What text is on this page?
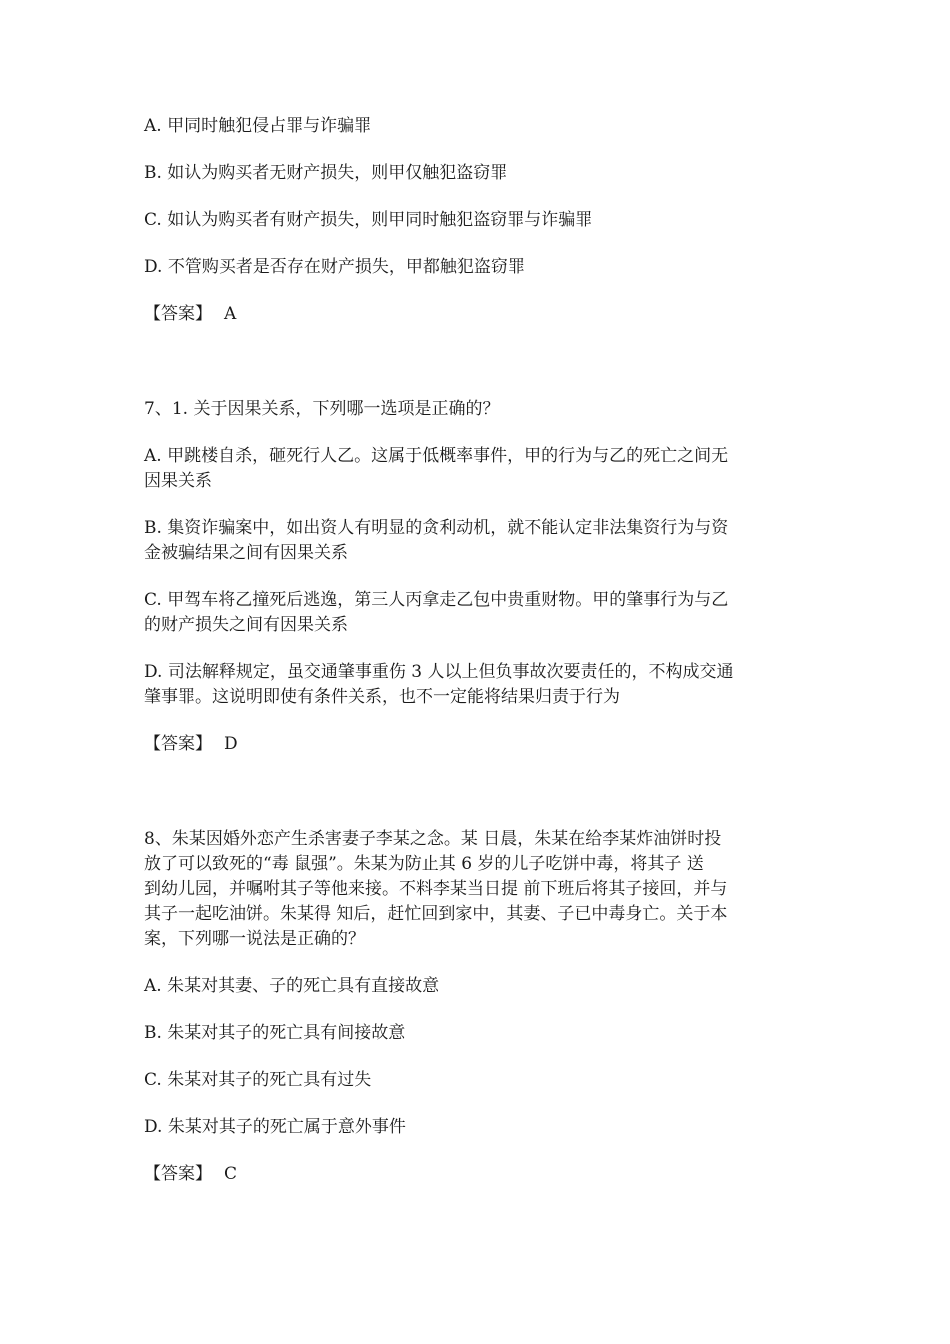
A. 甲同时触犯侵占罪与诈骗罪
B. 如认为购买者无财产损失，则甲仅触犯盗窃罪
C. 如认为购买者有财产损失，则甲同时触犯盗窃罪与诈骗罪
D. 不管购买者是否存在财产损失，甲都触犯盗窃罪
【答案】 A
7、1. 关于因果关系，下列哪一选项是正确的？
A. 甲跳楼自杀，砸死行人乙。这属于低概率事件，甲的行为与乙的死亡之间无
因果关系
B. 集资诈骗案中，如出资人有明显的贪利动机，就不能认定非法集资行为与资
金被骗结果之间有因果关系
C. 甲驾车将乙撞死后逃逸，第三人丙拿走乙包中贵重财物。甲的肇事行为与乙
的财产损失之间有因果关系
D. 司法解释规定，虽交通肇事重伤 3 人以上但负事故次要责任的，不构成交通
肇事罪。这说明即使有条件关系，也不一定能将结果归责于行为
【答案】 D
8、朱某因婚外恋产生杀害妻子李某之念。某 日晨，朱某在给李某炸油饼时投
放了可以致死的“毒 鼠强”。朱某为防止其 6 岁的儿子吃饼中毒，将其子 送
到幼儿园，并嘱咐其子等他来接。不料李某当日提 前下班后将其子接回，并与
其子一起吃油饼。朱某得 知后，赶忙回到家中，其妻、子已中毒身亡。关于本
案，下列哪一说法是正确的？
A. 朱某对其妻、子的死亡具有直接故意
B. 朱某对其子的死亡具有间接故意
C. 朱某对其子的死亡具有过失
D. 朱某对其子的死亡属于意外事件
【答案】 C
